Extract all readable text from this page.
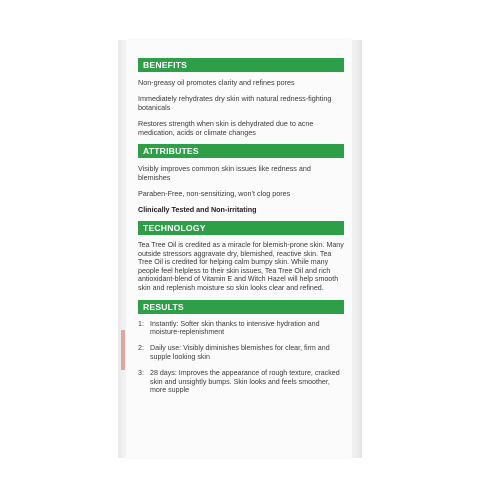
BENEFITS

Non-greasy oil promotes clarity and refines pores

Immediately rehydrates dry skin with natural redness-fighting botanicals

Restores strength when skin is dehydrated due to acne medication, acids or climate changes

ATTRIBUTES

Visibly improves common skin issues like redness and blemishes

Paraben-Free, non-sensitizing, won’t clog pores

Clinically Tested and Non-irritating

TECHNOLOGY

Tea Tree Oil is credited as a miracle for blemish-prone skin. Many outside stressors aggravate dry, blemished, reactive skin. Tea Tree Oil is credited for helping calm bumpy skin. While many people feel helpless to their skin issues, Tea Tree Oil and rich antioxidant-blend of Vitamin E and Witch Hazel will help smooth skin and replenish moisture so skin looks clear and refined.

RESULTS
1: Instantly: Softer skin thanks to intensive hydration and moisture-replenishment
2: Daily use: Visibly diminishes blemishes for clear, firm and supple looking skin
3: 28 days: Improves the appearance of rough texture, cracked skin and unsightly bumps. Skin looks and feels smoother, more supple
